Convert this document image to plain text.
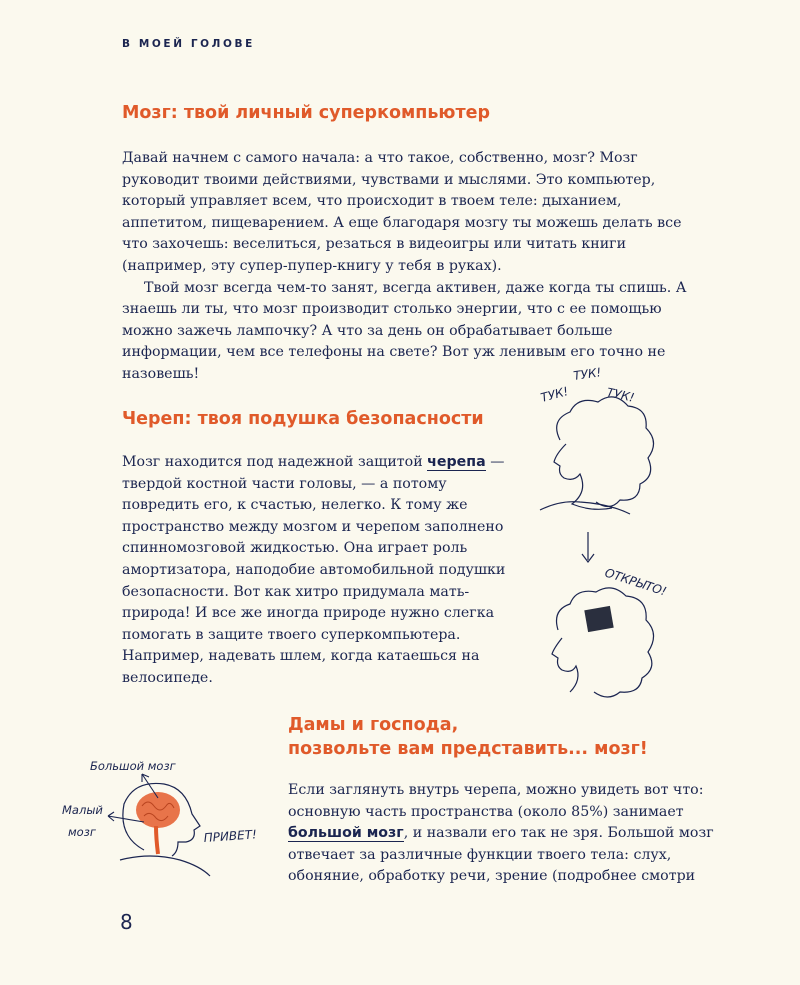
В МОЕЙ ГОЛОВЕ
Мозг: твой личный суперкомпьютер

Давай начнем с самого начала: а что такое, собственно, мозг? Мозг руководит твоими действиями, чувствами и мыслями. Это компьютер, который управляет всем, что происходит в твоем теле: дыханием, аппетитом, пищеварением. А еще благодаря мозгу ты можешь делать все что захочешь: веселиться, резаться в видеоигры или читать книги (например, эту супер-пупер-книгу у тебя в руках).

Твой мозг всегда чем-то занят, всегда активен, даже когда ты спишь. А знаешь ли ты, что мозг производит столько энергии, что с ее помощью можно зажечь лампочку? А что за день он обрабатывает больше информации, чем все телефоны на свете? Вот уж ленивым его точно не назовешь!

Череп: твоя подушка безопасности

Мозг находится под надежной защитой черепа — твердой костной части головы, — а потому повредить его, к счастью, нелегко. К тому же пространство между мозгом и черепом заполнено спинномозговой жидкостью. Она играет роль амортизатора, наподобие автомобильной подушки безопасности. Вот как хитро придумала мать-природа! И все же иногда природе нужно слегка помогать в защите твоего суперкомпьютера. Например, надевать шлем, когда катаешься на велосипеде.

Дамы и господа,
позвольте вам представить... мозг!

Если заглянуть внутрь черепа, можно увидеть вот что: основную часть пространства (около 85%) занимает большой мозг, и назвали его так не зря. Большой мозг отвечает за различные функции твоего тела: слух, обоняние, обработку речи, зрение (подробнее смотри

ТУК!
ТУК!
ТУК!
ОТКРЫТО!
Большой мозг
Малый
мозг	ПРИВЕТ!
8
